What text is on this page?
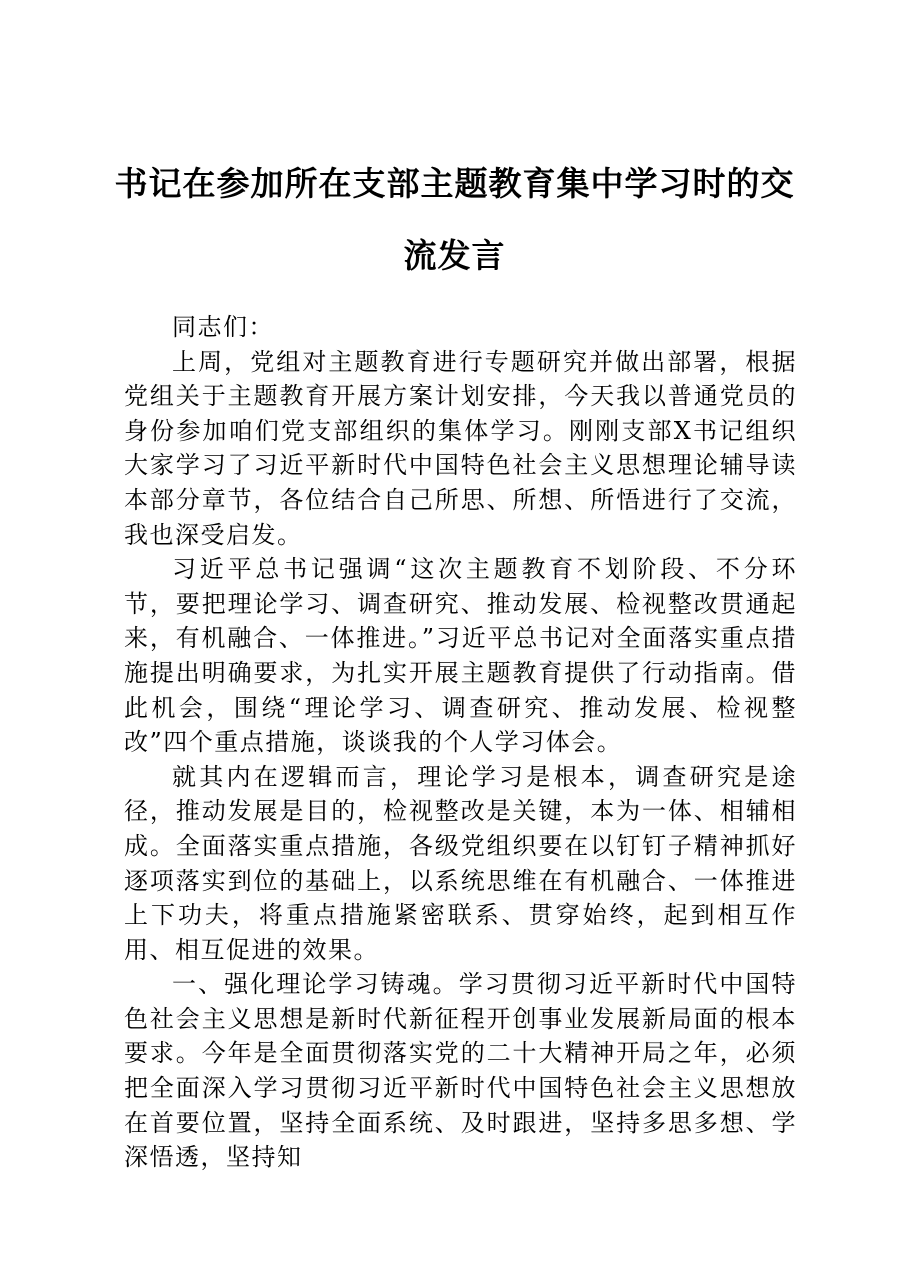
书记在参加所在支部主题教育集中学习时的交流发言

同志们：

上周，党组对主题教育进行专题研究并做出部署，根据党组关于主题教育开展方案计划安排，今天我以普通党员的身份参加咱们党支部组织的集体学习。刚刚支部X书记组织大家学习了习近平新时代中国特色社会主义思想理论辅导读本部分章节，各位结合自己所思、所想、所悟进行了交流，我也深受启发。

习近平总书记强调“这次主题教育不划阶段、不分环节，要把理论学习、调查研究、推动发展、检视整改贯通起来，有机融合、一体推进。”习近平总书记对全面落实重点措施提出明确要求，为扎实开展主题教育提供了行动指南。借此机会，围绕“理论学习、调查研究、推动发展、检视整改”四个重点措施，谈谈我的个人学习体会。

就其内在逻辑而言，理论学习是根本，调查研究是途径，推动发展是目的，检视整改是关键，本为一体、相辅相成。全面落实重点措施，各级党组织要在以钉钉子精神抓好逐项落实到位的基础上，以系统思维在有机融合、一体推进上下功夫，将重点措施紧密联系、贯穿始终，起到相互作用、相互促进的效果。

一、强化理论学习铸魂。学习贯彻习近平新时代中国特色社会主义思想是新时代新征程开创事业发展新局面的根本要求。今年是全面贯彻落实党的二十大精神开局之年，必须把全面深入学习贯彻习近平新时代中国特色社会主义思想放在首要位置，坚持全面系统、及时跟进，坚持多思多想、学深悟透，坚持知
